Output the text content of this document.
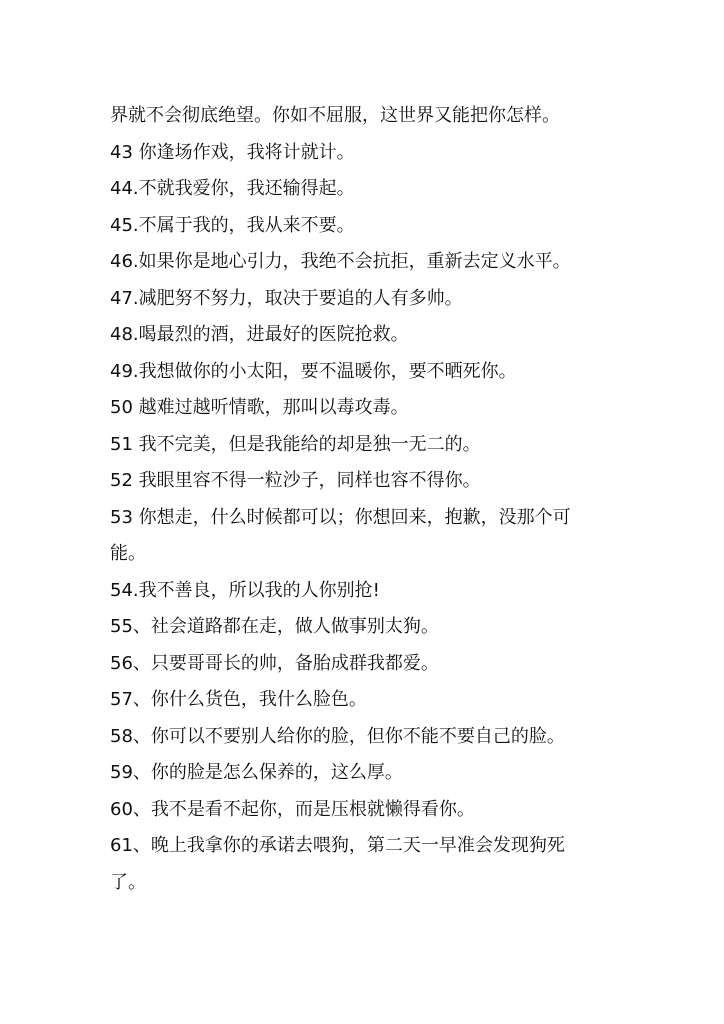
界就不会彻底绝望。你如不屈服，这世界又能把你怎样。
43 你逢场作戏，我将计就计。
44.不就我爱你，我还输得起。
45.不属于我的，我从来不要。
46.如果你是地心引力，我绝不会抗拒，重新去定义水平。
47.减肥努不努力，取决于要追的人有多帅。
48.喝最烈的酒，进最好的医院抢救。
49.我想做你的小太阳，要不温暖你，要不晒死你。
50 越难过越听情歌，那叫以毒攻毒。
51 我不完美，但是我能给的却是独一无二的。
52 我眼里容不得一粒沙子，同样也容不得你。
53 你想走，什么时候都可以；你想回来，抱歉，没那个可
能。
54.我不善良，所以我的人你别抢!
55、社会道路都在走，做人做事别太狗。
56、只要哥哥长的帅，备胎成群我都爱。
57、你什么货色，我什么脸色。
58、你可以不要别人给你的脸，但你不能不要自己的脸。
59、你的脸是怎么保养的，这么厚。
60、我不是看不起你，而是压根就懒得看你。
61、晚上我拿你的承诺去喂狗，第二天一早准会发现狗死
了。
